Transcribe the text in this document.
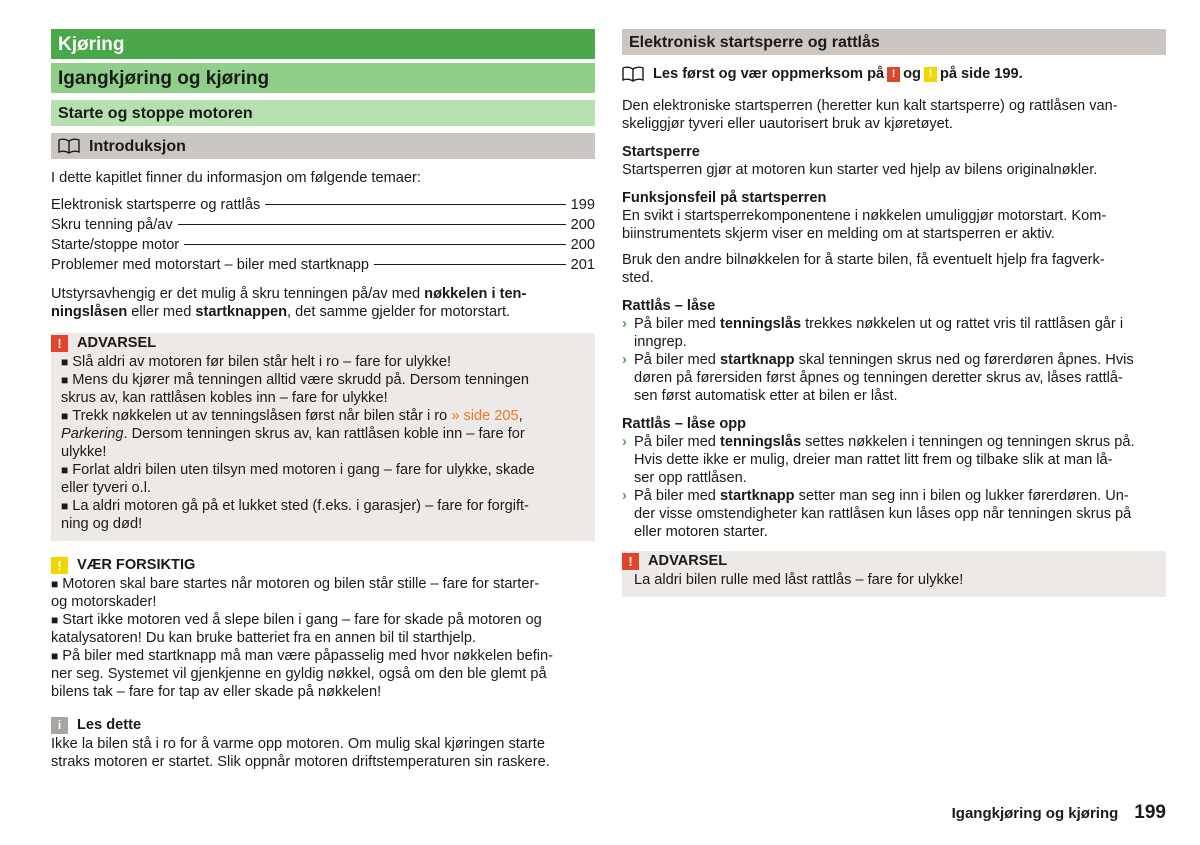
Kjøring
Igangkjøring og kjøring
Starte og stoppe motoren
Introduksjon

I dette kapitlet finner du informasjon om følgende temaer:

Elektronisk startsperre og rattlås	199
Skru tenning på/av	200
Starte/stoppe motor	200
Problemer med motorstart – biler med startknapp	201

Utstyrsavhengig er det mulig å skru tenningen på/av med nøkkelen i ten-
ningslåsen eller med startknappen, det samme gjelder for motorstart.

!	ADVARSEL

■ Slå aldri av motoren før bilen står helt i ro – fare for ulykke!

■ Mens du kjører må tenningen alltid være skrudd på. Dersom tenningen
skrus av, kan rattlåsen kobles inn – fare for ulykke!

■ Trekk nøkkelen ut av tenningslåsen først når bilen står i ro » side 205,
Parkering. Dersom tenningen skrus av, kan rattlåsen koble inn – fare for
ulykke!

■ Forlat aldri bilen uten tilsyn med motoren i gang – fare for ulykke, skade
eller tyveri o.l.

■ La aldri motoren gå på et lukket sted (f.eks. i garasjer) – fare for forgift-
ning og død!

!	VÆR FORSIKTIG

■ Motoren skal bare startes når motoren og bilen står stille – fare for starter-
og motorskader!

■ Start ikke motoren ved å slepe bilen i gang – fare for skade på motoren og
katalysatoren! Du kan bruke batteriet fra en annen bil til starthjelp.

■ På biler med startknapp må man være påpasselig med hvor nøkkelen befin-
ner seg. Systemet vil gjenkjenne en gyldig nøkkel, også om den ble glemt på
bilens tak – fare for tap av eller skade på nøkkelen!

i	Les dette

Ikke la bilen stå i ro for å varme opp motoren. Om mulig skal kjøringen starte
straks motoren er startet. Slik oppnår motoren driftstemperaturen sin raskere.

Elektronisk startsperre og rattlås

Les først og vær oppmerksom på ! og ! på side 199.

Den elektroniske startsperren (heretter kun kalt startsperre) og rattlåsen van-
skeliggjør tyveri eller uautorisert bruk av kjøretøyet.

Startsperre

Startsperren gjør at motoren kun starter ved hjelp av bilens originalnøkler.

Funksjonsfeil på startsperren

En svikt i startsperrekomponentene i nøkkelen umuliggjør motorstart. Kom-
biinstrumentets skjerm viser en melding om at startsperren er aktiv.

Bruk den andre bilnøkkelen for å starte bilen, få eventuelt hjelp fra fagverk-
sted.

Rattlås – låse

› På biler med tenningslås trekkes nøkkelen ut og rattet vris til rattlåsen går i
inngrep.

› På biler med startknapp skal tenningen skrus ned og førerdøren åpnes. Hvis
døren på førersiden først åpnes og tenningen deretter skrus av, låses rattlå-
sen først automatisk etter at bilen er låst.

Rattlås – låse opp

› På biler med tenningslås settes nøkkelen i tenningen og tenningen skrus på.
Hvis dette ikke er mulig, dreier man rattet litt frem og tilbake slik at man lå-
ser opp rattlåsen.

› På biler med startknapp setter man seg inn i bilen og lukker førerdøren. Un-
der visse omstendigheter kan rattlåsen kun låses opp når tenningen skrus på
eller motoren starter.

!	ADVARSEL

La aldri bilen rulle med låst rattlås – fare for ulykke!

Igangkjøring og kjøring 199
